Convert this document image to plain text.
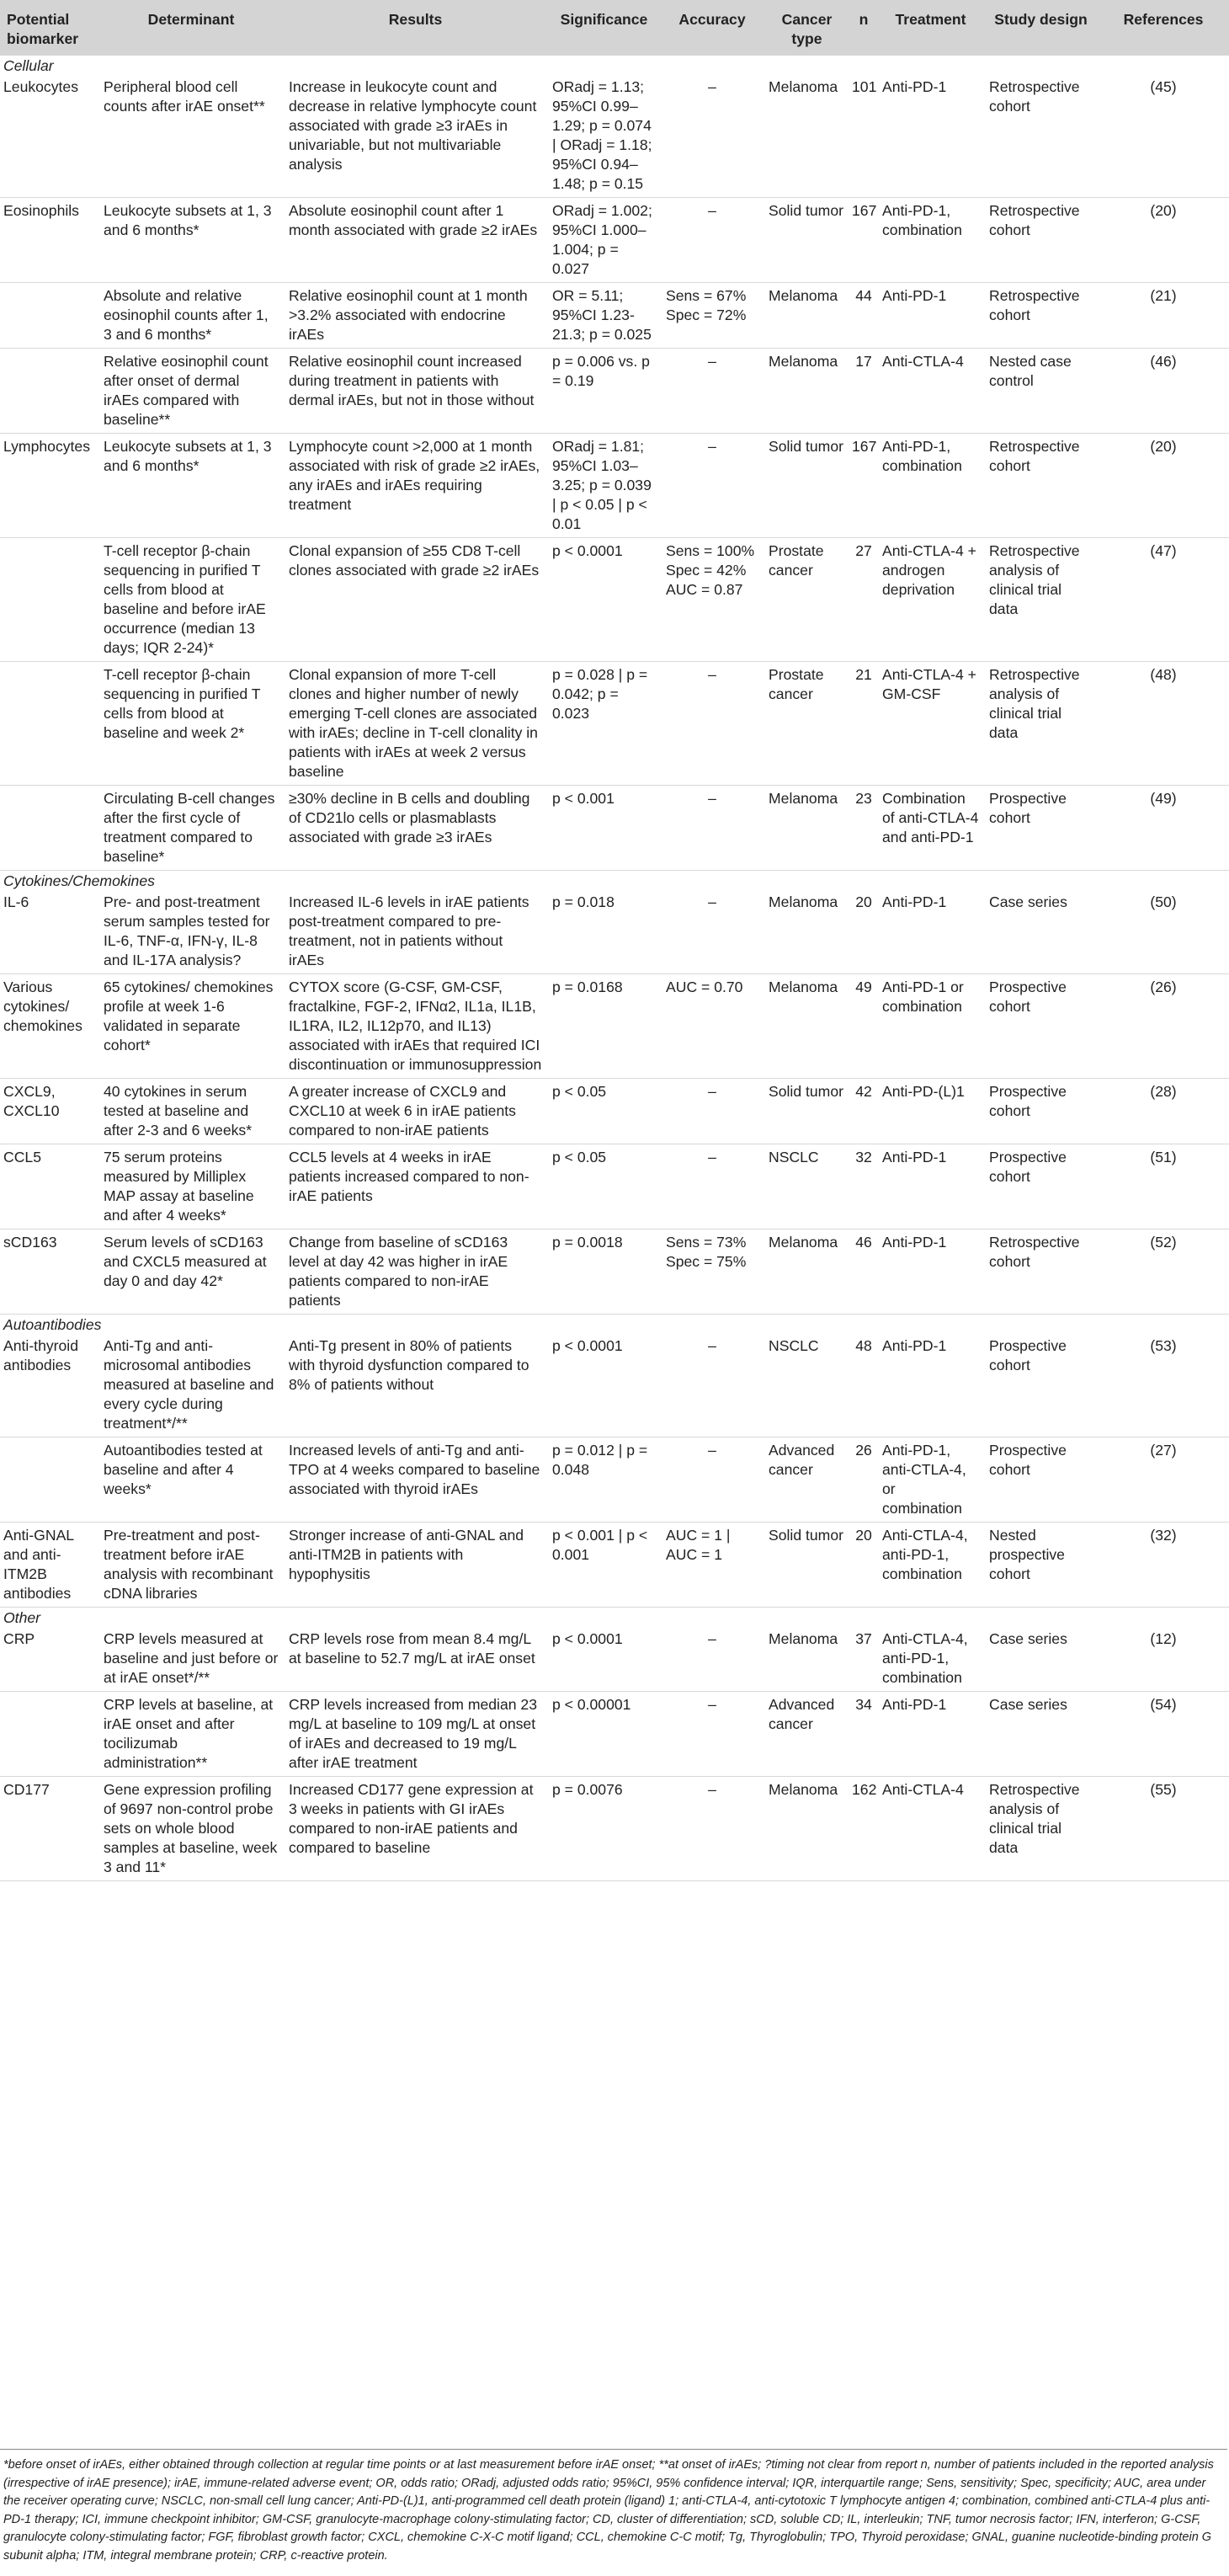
Potential biomarker	Determinant	Results	Significance	Accuracy	Cancer type	n	Treatment	Study design	References
Cellular									
Leukocytes	Peripheral blood cell counts after irAE onset**	Increase in leukocyte count and decrease in relative lymphocyte count associated with grade ≥3 irAEs in univariable, but not multivariable analysis	ORadj = 1.13; 95%CI 0.99–1.29; p = 0.074 | ORadj = 1.18; 95%CI 0.94–1.48; p = 0.15	–	Melanoma	101	Anti-PD-1	Retrospective cohort	(45)
Eosinophils	Leukocyte subsets at 1, 3 and 6 months*	Absolute eosinophil count after 1 month associated with grade ≥2 irAEs	ORadj = 1.002; 95%CI 1.000–1.004; p = 0.027	–	Solid tumor	167	Anti-PD-1, combination	Retrospective cohort	(20)
	Absolute and relative eosinophil counts after 1, 3 and 6 months*	Relative eosinophil count at 1 month >3.2% associated with endocrine irAEs	OR = 5.11; 95%CI 1.23-21.3; p = 0.025	Sens = 67% Spec = 72%	Melanoma	44	Anti-PD-1	Retrospective cohort	(21)
	Relative eosinophil count after onset of dermal irAEs compared with baseline**	Relative eosinophil count increased during treatment in patients with dermal irAEs, but not in those without	p = 0.006 vs. p = 0.19	–	Melanoma	17	Anti-CTLA-4	Nested case control	(46)
Lymphocytes	Leukocyte subsets at 1, 3 and 6 months*	Lymphocyte count >2,000 at 1 month associated with risk of grade ≥2 irAEs, any irAEs and irAEs requiring treatment	ORadj = 1.81; 95%CI 1.03–3.25; p = 0.039 | p < 0.05 | p < 0.01	–	Solid tumor	167	Anti-PD-1, combination	Retrospective cohort	(20)
	T-cell receptor β-chain sequencing in purified T cells from blood at baseline and before irAE occurrence (median 13 days; IQR 2-24)*	Clonal expansion of ≥55 CD8 T-cell clones associated with grade ≥2 irAEs	p < 0.0001	Sens = 100% Spec = 42% AUC = 0.87	Prostate cancer	27	Anti-CTLA-4 + androgen deprivation	Retrospective analysis of clinical trial data	(47)
	T-cell receptor β-chain sequencing in purified T cells from blood at baseline and week 2*	Clonal expansion of more T-cell clones and higher number of newly emerging T-cell clones are associated with irAEs; decline in T-cell clonality in patients with irAEs at week 2 versus baseline	p = 0.028 | p = 0.042; p = 0.023	–	Prostate cancer	21	Anti-CTLA-4 + GM-CSF	Retrospective analysis of clinical trial data	(48)
	Circulating B-cell changes after the first cycle of treatment compared to baseline*	≥30% decline in B cells and doubling of CD21lo cells or plasmablasts associated with grade ≥3 irAEs	p < 0.001	–	Melanoma	23	Combination of anti-CTLA-4 and anti-PD-1	Prospective cohort	(49)
Cytokines/Chemokines									
IL-6	Pre- and post-treatment serum samples tested for IL-6, TNF-α, IFN-γ, IL-8 and IL-17A analysis?	Increased IL-6 levels in irAE patients post-treatment compared to pre-treatment, not in patients without irAEs	p = 0.018	–	Melanoma	20	Anti-PD-1	Case series	(50)
Various cytokines/ chemokines	65 cytokines/ chemokines profile at week 1-6 validated in separate cohort*	CYTOX score (G-CSF, GM-CSF, fractalkine, FGF-2, IFNα2, IL1a, IL1B, IL1RA, IL2, IL12p70, and IL13) associated with irAEs that required ICI discontinuation or immunosuppression	p = 0.0168	AUC = 0.70	Melanoma	49	Anti-PD-1 or combination	Prospective cohort	(26)
CXCL9, CXCL10	40 cytokines in serum tested at baseline and after 2-3 and 6 weeks*	A greater increase of CXCL9 and CXCL10 at week 6 in irAE patients compared to non-irAE patients	p < 0.05	–	Solid tumor	42	Anti-PD-(L)1	Prospective cohort	(28)
CCL5	75 serum proteins measured by Milliplex MAP assay at baseline and after 4 weeks*	CCL5 levels at 4 weeks in irAE patients increased compared to non-irAE patients	p < 0.05	–	NSCLC	32	Anti-PD-1	Prospective cohort	(51)
sCD163	Serum levels of sCD163 and CXCL5 measured at day 0 and day 42*	Change from baseline of sCD163 level at day 42 was higher in irAE patients compared to non-irAE patients	p = 0.0018	Sens = 73% Spec = 75%	Melanoma	46	Anti-PD-1	Retrospective cohort	(52)
Autoantibodies									
Anti-thyroid antibodies	Anti-Tg and anti-microsomal antibodies measured at baseline and every cycle during treatment*/**	Anti-Tg present in 80% of patients with thyroid dysfunction compared to 8% of patients without	p < 0.0001	–	NSCLC	48	Anti-PD-1	Prospective cohort	(53)
	Autoantibodies tested at baseline and after 4 weeks*	Increased levels of anti-Tg and anti-TPO at 4 weeks compared to baseline associated with thyroid irAEs	p = 0.012 | p = 0.048	–	Advanced cancer	26	Anti-PD-1, anti-CTLA-4, or combination	Prospective cohort	(27)
Anti-GNAL and anti-ITM2B antibodies	Pre-treatment and post-treatment before irAE analysis with recombinant cDNA libraries	Stronger increase of anti-GNAL and anti-ITM2B in patients with hypophysitis	p < 0.001 | p < 0.001	AUC = 1 | AUC = 1	Solid tumor	20	Anti-CTLA-4, anti-PD-1, combination	Nested prospective cohort	(32)
Other									
CRP	CRP levels measured at baseline and just before or at irAE onset*/**	CRP levels rose from mean 8.4 mg/L at baseline to 52.7 mg/L at irAE onset	p < 0.0001	–	Melanoma	37	Anti-CTLA-4, anti-PD-1, combination	Case series	(12)
	CRP levels at baseline, at irAE onset and after tocilizumab administration**	CRP levels increased from median 23 mg/L at baseline to 109 mg/L at onset of irAEs and decreased to 19 mg/L after irAE treatment	p < 0.00001	–	Advanced cancer	34	Anti-PD-1	Case series	(54)
CD177	Gene expression profiling of 9697 non-control probe sets on whole blood samples at baseline, week 3 and 11*	Increased CD177 gene expression at 3 weeks in patients with GI irAEs compared to non-irAE patients and compared to baseline	p = 0.0076	–	Melanoma	162	Anti-CTLA-4	Retrospective analysis of clinical trial data	(55)
*before onset of irAEs, either obtained through collection at regular time points or at last measurement before irAE onset; **at onset of irAEs; ?timing not clear from report n, number of patients included in the reported analysis (irrespective of irAE presence); irAE, immune-related adverse event; OR, odds ratio; ORadj, adjusted odds ratio; 95%CI, 95% confidence interval; IQR, interquartile range; Sens, sensitivity; Spec, specificity; AUC, area under the receiver operating curve; NSCLC, non-small cell lung cancer; Anti-PD-(L)1, anti-programmed cell death protein (ligand) 1; anti-CTLA-4, anti-cytotoxic T lymphocyte antigen 4; combination, combined anti-CTLA-4 plus anti-PD-1 therapy; ICI, immune checkpoint inhibitor; GM-CSF, granulocyte-macrophage colony-stimulating factor; CD, cluster of differentiation; sCD, soluble CD; IL, interleukin; TNF, tumor necrosis factor; IFN, interferon; G-CSF, granulocyte colony-stimulating factor; FGF, fibroblast growth factor; CXCL, chemokine C-X-C motif ligand; CCL, chemokine C-C motif; Tg, Thyroglobulin; TPO, Thyroid peroxidase; GNAL, guanine nucleotide-binding protein G subunit alpha; ITM, integral membrane protein; CRP, c-reactive protein.
